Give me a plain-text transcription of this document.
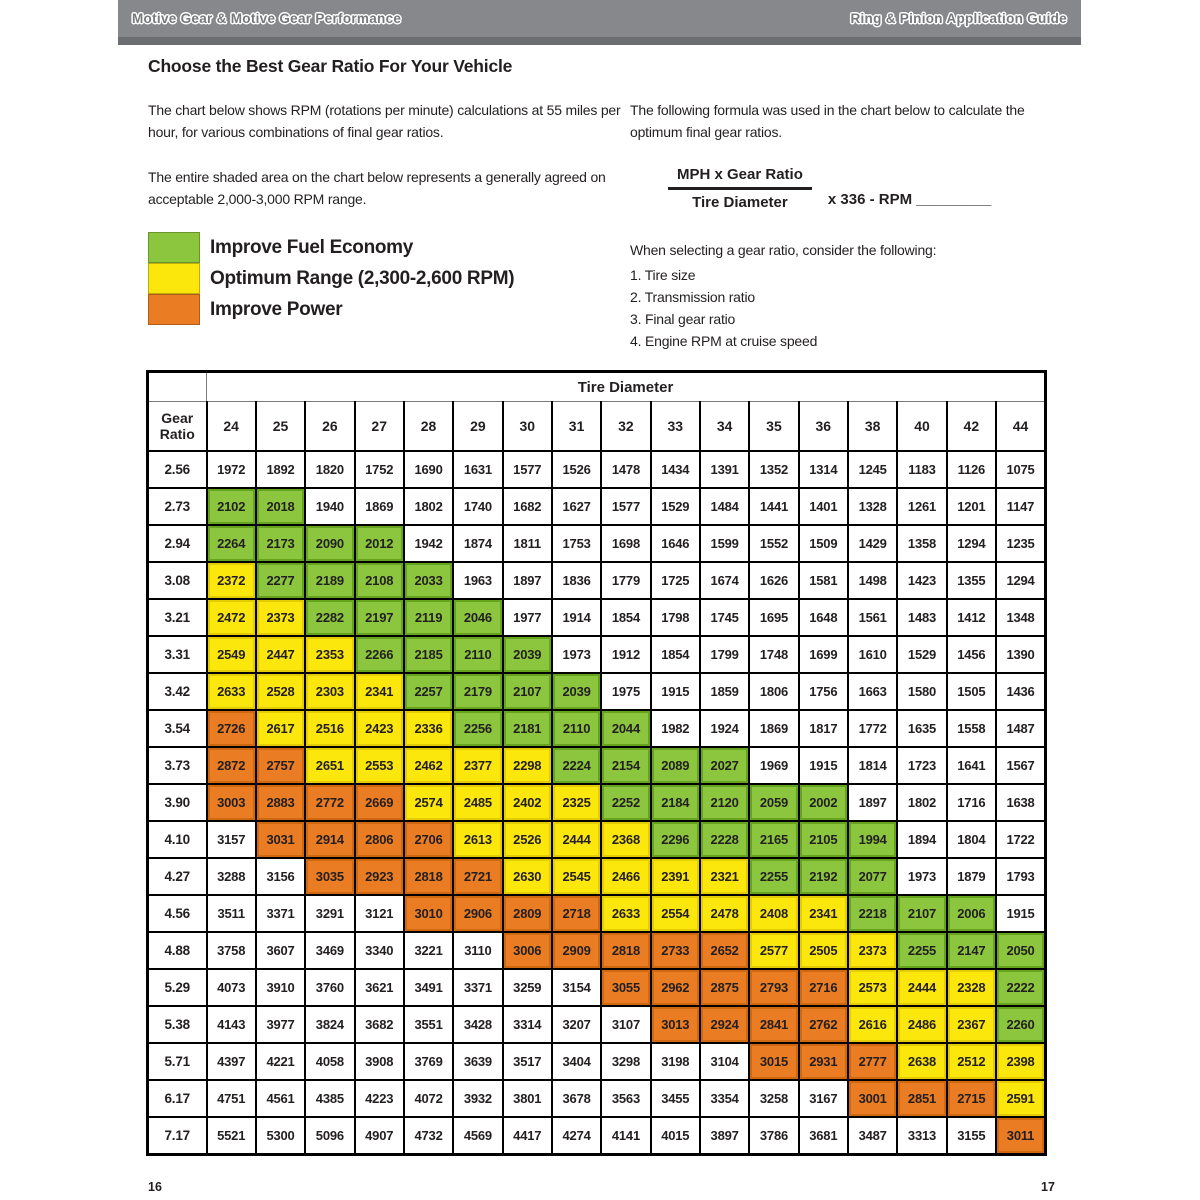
Motive Gear & Motive Gear Performance	Ring & Pinion Application Guide
Choose the Best Gear Ratio For Your Vehicle

The chart below shows RPM (rotations per minute) calculations at 55 miles per hour, for various combinations of final gear ratios.

The entire shaded area on the chart below represents a generally agreed on acceptable 2,000-3,000 RPM range.

Improve Fuel Economy
Optimum Range (2,300-2,600 RPM)
Improve Power

The following formula was used in the chart below to calculate the optimum final gear ratios.

$\frac{\text{MPH x Gear Ratio}}{\text{Tire Diameter}}$ x 336 - RPM _________
When selecting a gear ratio, consider the following:
1. Tire size
2. Transmission ratio
3. Final gear ratio
4. Engine RPM at cruise speed
	Tire Diameter																
Gear Ratio	24	25	26	27	28	29	30	31	32	33	34	35	36	38	40	42	44
2.56	1972	1892	1820	1752	1690	1631	1577	1526	1478	1434	1391	1352	1314	1245	1183	1126	1075
2.73	2102	2018	1940	1869	1802	1740	1682	1627	1577	1529	1484	1441	1401	1328	1261	1201	1147
2.94	2264	2173	2090	2012	1942	1874	1811	1753	1698	1646	1599	1552	1509	1429	1358	1294	1235
3.08	2372	2277	2189	2108	2033	1963	1897	1836	1779	1725	1674	1626	1581	1498	1423	1355	1294
3.21	2472	2373	2282	2197	2119	2046	1977	1914	1854	1798	1745	1695	1648	1561	1483	1412	1348
3.31	2549	2447	2353	2266	2185	2110	2039	1973	1912	1854	1799	1748	1699	1610	1529	1456	1390
3.42	2633	2528	2303	2341	2257	2179	2107	2039	1975	1915	1859	1806	1756	1663	1580	1505	1436
3.54	2726	2617	2516	2423	2336	2256	2181	2110	2044	1982	1924	1869	1817	1772	1635	1558	1487
3.73	2872	2757	2651	2553	2462	2377	2298	2224	2154	2089	2027	1969	1915	1814	1723	1641	1567
3.90	3003	2883	2772	2669	2574	2485	2402	2325	2252	2184	2120	2059	2002	1897	1802	1716	1638
4.10	3157	3031	2914	2806	2706	2613	2526	2444	2368	2296	2228	2165	2105	1994	1894	1804	1722
4.27	3288	3156	3035	2923	2818	2721	2630	2545	2466	2391	2321	2255	2192	2077	1973	1879	1793
4.56	3511	3371	3291	3121	3010	2906	2809	2718	2633	2554	2478	2408	2341	2218	2107	2006	1915
4.88	3758	3607	3469	3340	3221	3110	3006	2909	2818	2733	2652	2577	2505	2373	2255	2147	2050
5.29	4073	3910	3760	3621	3491	3371	3259	3154	3055	2962	2875	2793	2716	2573	2444	2328	2222
5.38	4143	3977	3824	3682	3551	3428	3314	3207	3107	3013	2924	2841	2762	2616	2486	2367	2260
5.71	4397	4221	4058	3908	3769	3639	3517	3404	3298	3198	3104	3015	2931	2777	2638	2512	2398
6.17	4751	4561	4385	4223	4072	3932	3801	3678	3563	3455	3354	3258	3167	3001	2851	2715	2591
7.17	5521	5300	5096	4907	4732	4569	4417	4274	4141	4015	3897	3786	3681	3487	3313	3155	3011
16	17
